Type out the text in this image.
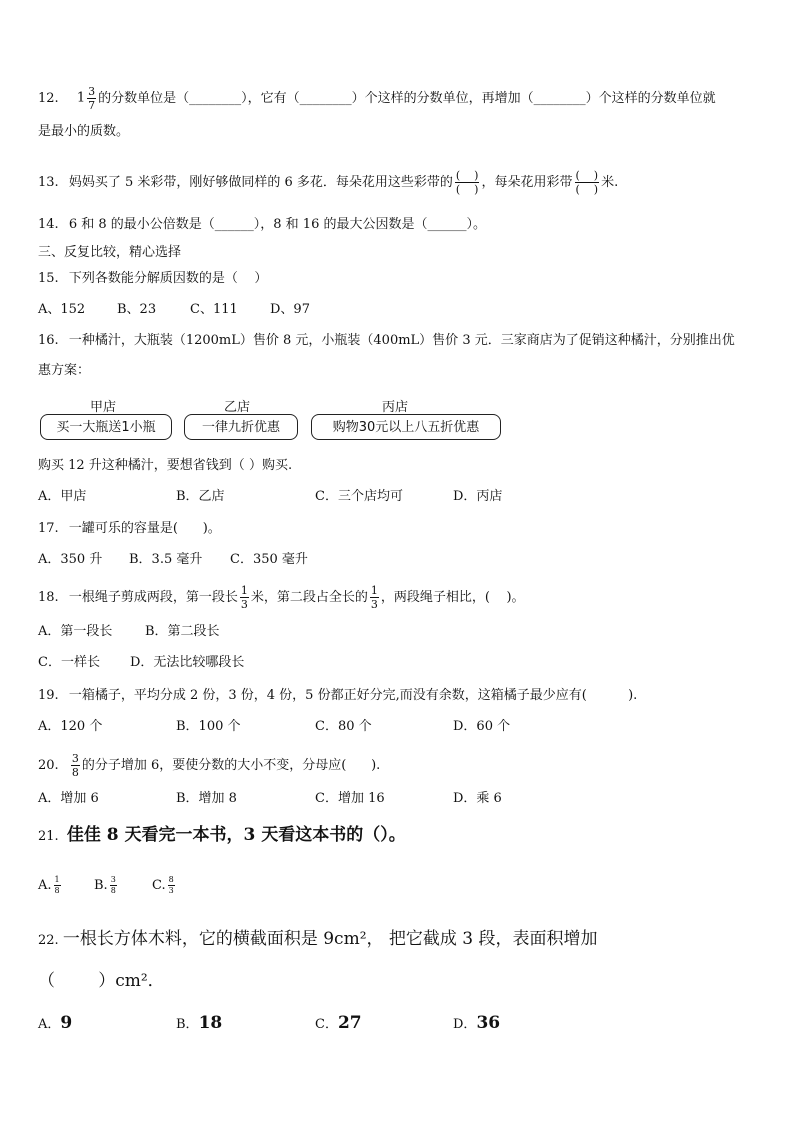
12. $1 \frac{3}{7}$ 的分数单位是（________），它有（________）个这样的分数单位，再增加（________）个这样的分数单位就
是最小的质数。
13. 妈妈买了 5 米彩带，刚好够做同样的 6 多花．每朵花用这些彩带的 $\frac{( )}{( )}$ ，每朵花用彩带 $\frac{( )}{( )}$ 米.
14. 6 和 8 的最小公倍数是（______），8 和 16 的最大公因数是（______）。
三、反复比较，精心选择
15. 下列各数能分解质因数的是（    ）
A、152 B、23	C、111 D、97
16. 一种橘汁，大瓶装（1200mL）售价 8 元，小瓶装（400mL）售价 3 元．三家商店为了促销这种橘汁，分别推出优
惠方案：
甲店	乙店	丙店
买一大瓶送1小瓶	一律九折优惠	购物30元以上八五折优惠
购买 12 升这种橘汁，要想省钱到（ ）购买.
A．甲店	B．乙店	C．三个店均可	D．丙店
17. 一罐可乐的容量是(      )。
A．350 升 B．3.5 毫升 C．350 毫升
18. 一根绳子剪成两段，第一段长 $\frac{1}{3}$ 米，第二段占全长的 $\frac{1}{3}$ ，两段绳子相比，(    )。
A．第一段长	B．第二段长
C．一样长 D．无法比较哪段长
19. 一箱橘子，平均分成 2 份，3 份，4 份，5 份都正好分完,而没有余数，这箱橘子最少应有(          ).
A．120 个	B．100 个	C．80 个	D．60 个
20. $\frac{3}{8}$ 的分子增加 6，要使分数的大小不变，分母应(      ).
A．增加 6	B．增加 8	C．增加 16	D．乘 6
21. 佳佳 8 天看完一本书，3 天看这本书的（）。
A. $\frac{1}{8}$	B. $\frac{3}{8}$	C. $\frac{8}{3}$
22. 一根长方体木料，它的横截面积是 9cm²， 把它截成 3 段，表面积增加
（        ）cm²．
A．9	B．18	C．27	D．36
